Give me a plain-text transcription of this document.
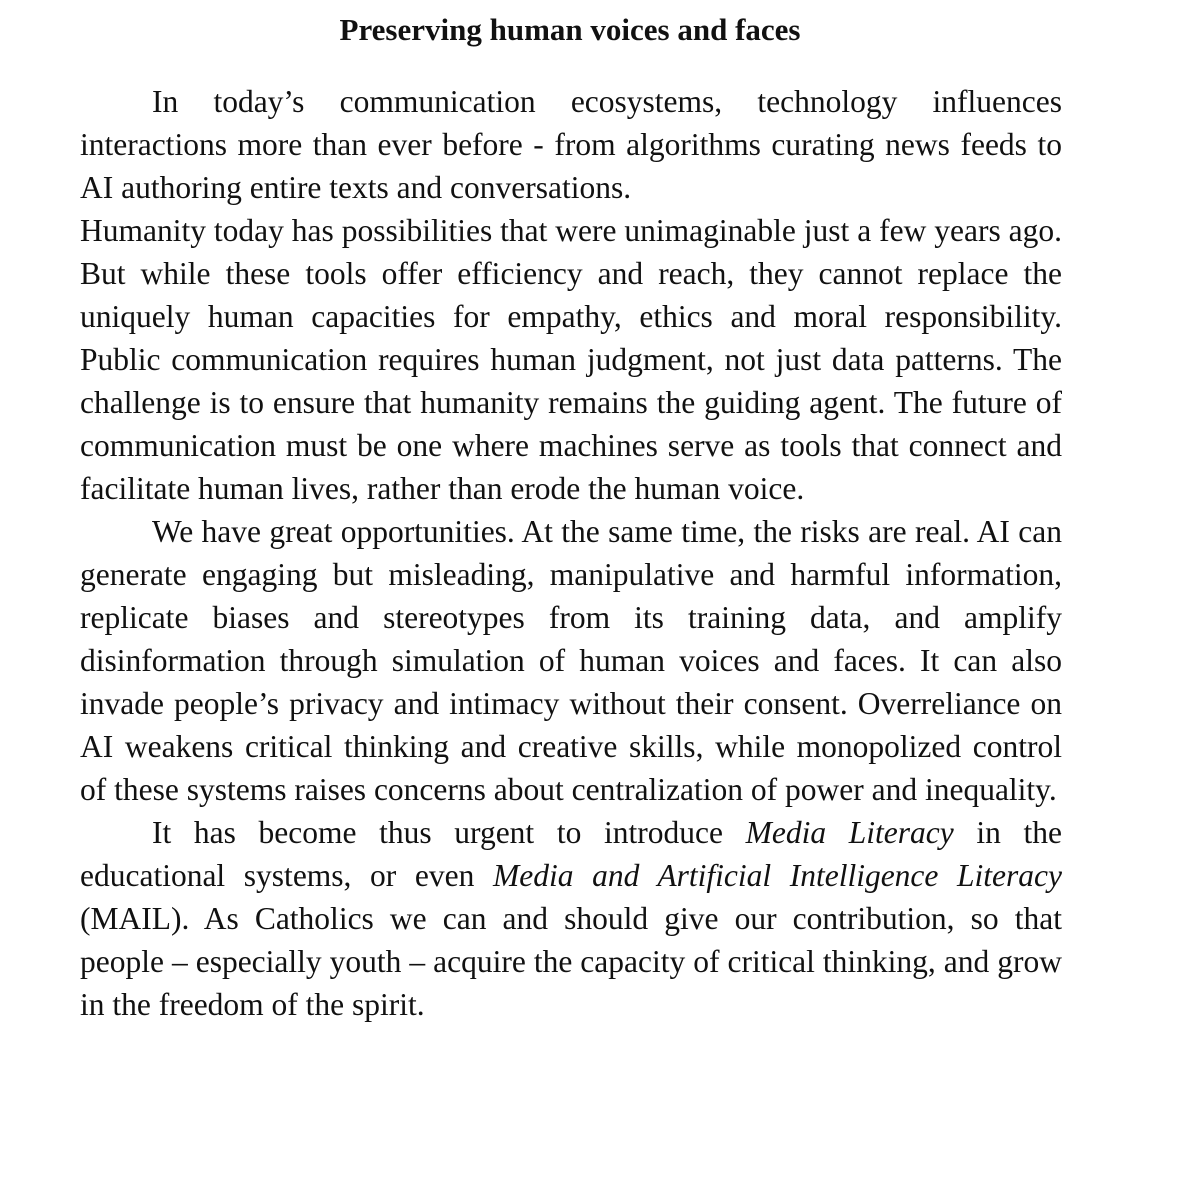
Preserving human voices and faces

In today’s communication ecosystems, technology influences interactions more than ever before - from algorithms curating news feeds to AI authoring entire texts and conversations.

Humanity today has possibilities that were unimaginable just a few years ago. But while these tools offer efficiency and reach, they cannot replace the uniquely human capacities for empathy, ethics and moral responsibility. Public communication requires human judgment, not just data patterns. The challenge is to ensure that humanity remains the guiding agent. The future of communication must be one where machines serve as tools that connect and facilitate human lives, rather than erode the human voice.

We have great opportunities. At the same time, the risks are real. AI can generate engaging but misleading, manipulative and harmful information, replicate biases and stereotypes from its training data, and amplify disinformation through simulation of human voices and faces. It can also invade people’s privacy and intimacy without their consent. Overreliance on AI weakens critical thinking and creative skills, while monopolized control of these systems raises concerns about centralization of power and inequality.

It has become thus urgent to introduce Media Literacy in the educational systems, or even Media and Artificial Intelligence Literacy (MAIL). As Catholics we can and should give our contribution, so that people – especially youth – acquire the capacity of critical thinking, and grow in the freedom of the spirit.
